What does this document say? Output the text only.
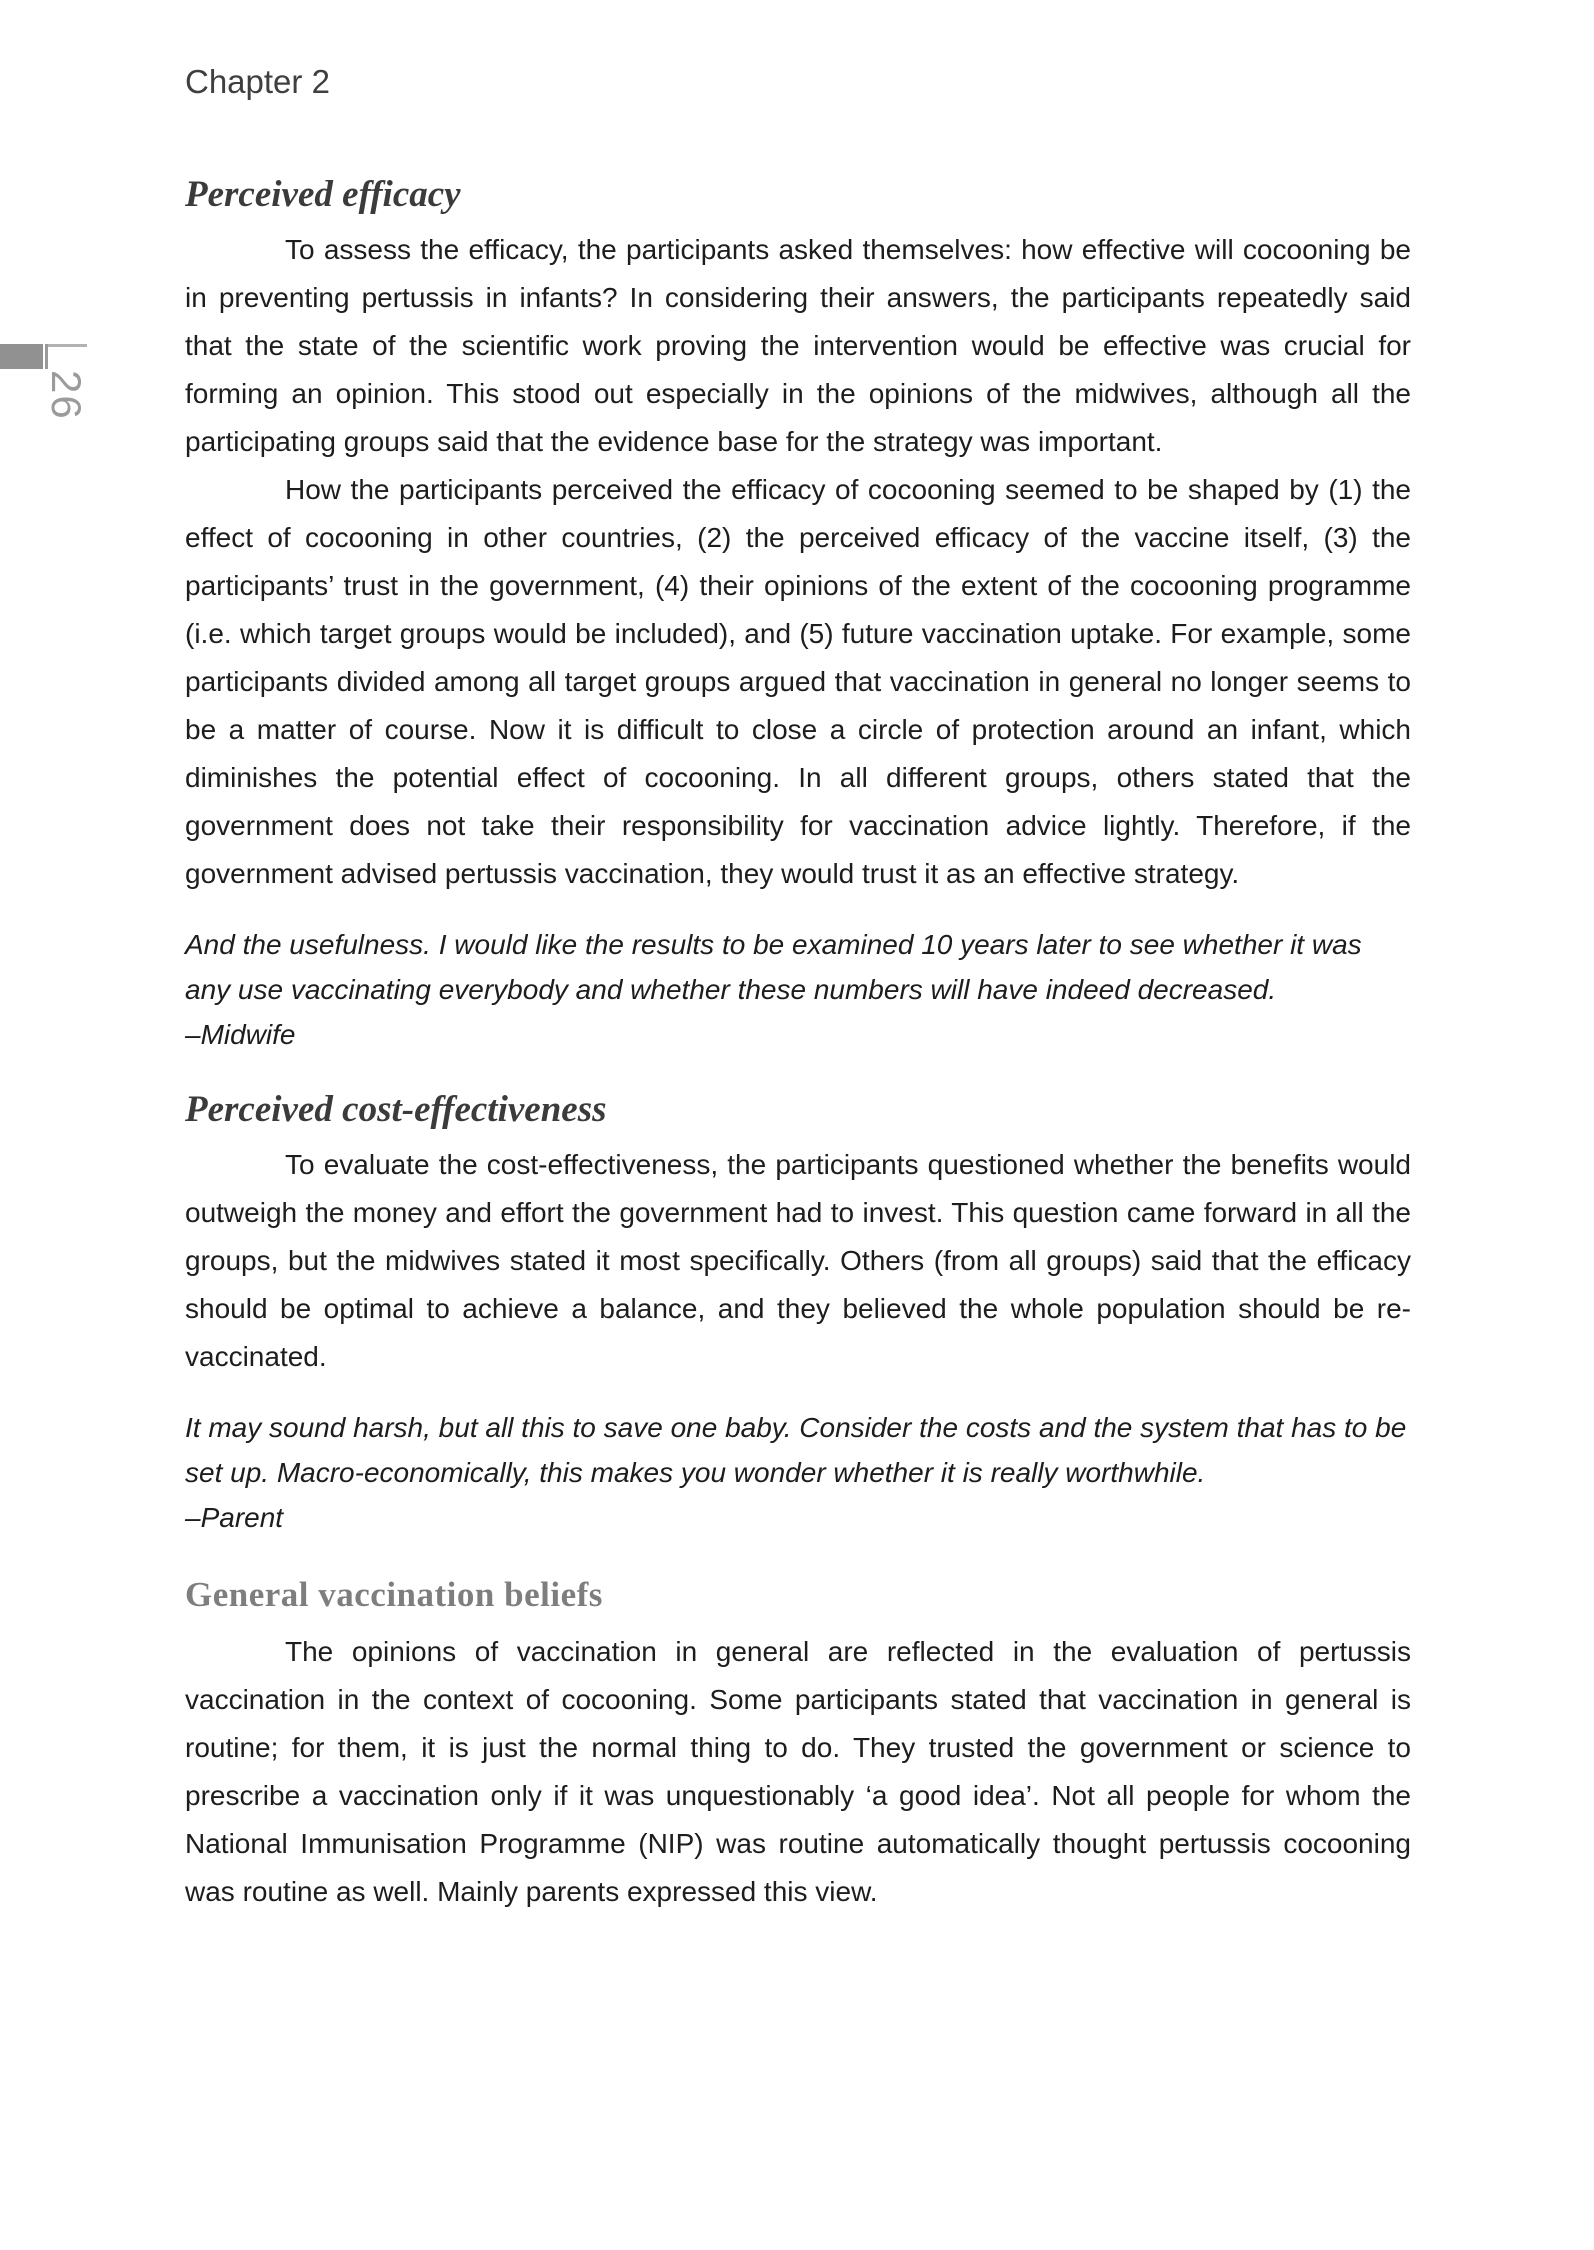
26
Chapter 2
Perceived efficacy
To assess the efficacy, the participants asked themselves: how effective will cocooning be in preventing pertussis in infants? In considering their answers, the participants repeatedly said that the state of the scientific work proving the intervention would be effective was crucial for forming an opinion. This stood out especially in the opinions of the midwives, although all the participating groups said that the evidence base for the strategy was important.
How the participants perceived the efficacy of cocooning seemed to be shaped by (1) the effect of cocooning in other countries, (2) the perceived efficacy of the vaccine itself, (3) the participants’ trust in the government, (4) their opinions of the extent of the cocooning programme (i.e. which target groups would be included), and (5) future vaccination uptake. For example, some participants divided among all target groups argued that vaccination in general no longer seems to be a matter of course. Now it is difficult to close a circle of protection around an infant, which diminishes the potential effect of cocooning. In all different groups, others stated that the government does not take their responsibility for vaccination advice lightly. Therefore, if the government advised pertussis vaccination, they would trust it as an effective strategy.
And the usefulness. I would like the results to be examined 10 years later to see whether it was any use vaccinating everybody and whether these numbers will have indeed decreased.
–Midwife
Perceived cost-effectiveness
To evaluate the cost-effectiveness, the participants questioned whether the benefits would outweigh the money and effort the government had to invest. This question came forward in all the groups, but the midwives stated it most specifically. Others (from all groups) said that the efficacy should be optimal to achieve a balance, and they believed the whole population should be re-vaccinated.
It may sound harsh, but all this to save one baby. Consider the costs and the system that has to be set up. Macro-economically, this makes you wonder whether it is really worthwhile.
–Parent
General vaccination beliefs
The opinions of vaccination in general are reflected in the evaluation of pertussis vaccination in the context of cocooning. Some participants stated that vaccination in general is routine; for them, it is just the normal thing to do. They trusted the government or science to prescribe a vaccination only if it was unquestionably ‘a good idea’. Not all people for whom the National Immunisation Programme (NIP) was routine automatically thought pertussis cocooning was routine as well. Mainly parents expressed this view.
